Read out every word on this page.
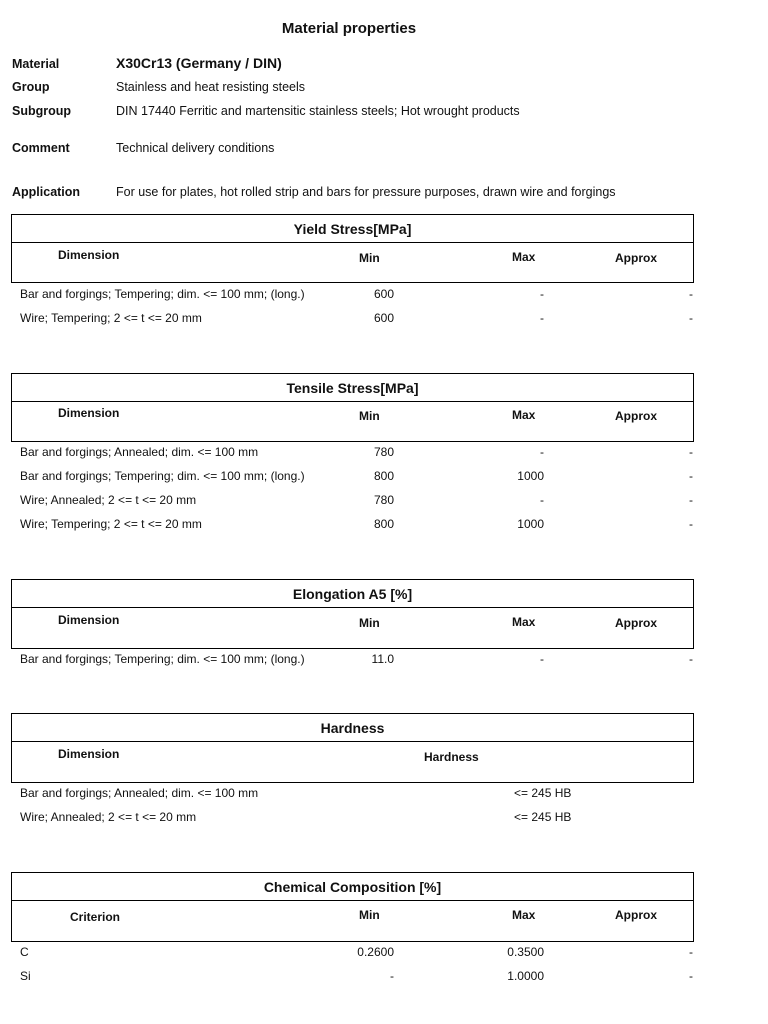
Material properties
Material	X30Cr13 (Germany / DIN)
Group	Stainless and heat resisting steels
Subgroup	DIN 17440 Ferritic and martensitic stainless steels; Hot wrought products
Comment	Technical delivery conditions
Application	For use for plates, hot rolled strip and bars for pressure purposes, drawn wire and forgings
Yield Stress[MPa]
Dimension	Min	Max	Approx
Bar and forgings; Tempering; dim. <= 100 mm; (long.)	600	-	-
Wire; Tempering; 2 <= t <= 20 mm	600	-	-
Tensile Stress[MPa]
Dimension	Min	Max	Approx
Bar and forgings; Annealed; dim. <= 100 mm	780	-	-
Bar and forgings; Tempering; dim. <= 100 mm; (long.)	800	1000	-
Wire; Annealed; 2 <= t <= 20 mm	780	-	-
Wire; Tempering; 2 <= t <= 20 mm	800	1000	-
Elongation A5 [%]
Dimension	Min	Max	Approx
Bar and forgings; Tempering; dim. <= 100 mm; (long.)	11.0	-	-
Hardness
Dimension	Hardness
Bar and forgings; Annealed; dim. <= 100 mm	<= 245 HB
Wire; Annealed; 2 <= t <= 20 mm	<= 245 HB
Chemical Composition [%]
Criterion	Min	Max	Approx
C	0.2600	0.3500	-
Si	-	1.0000	-
